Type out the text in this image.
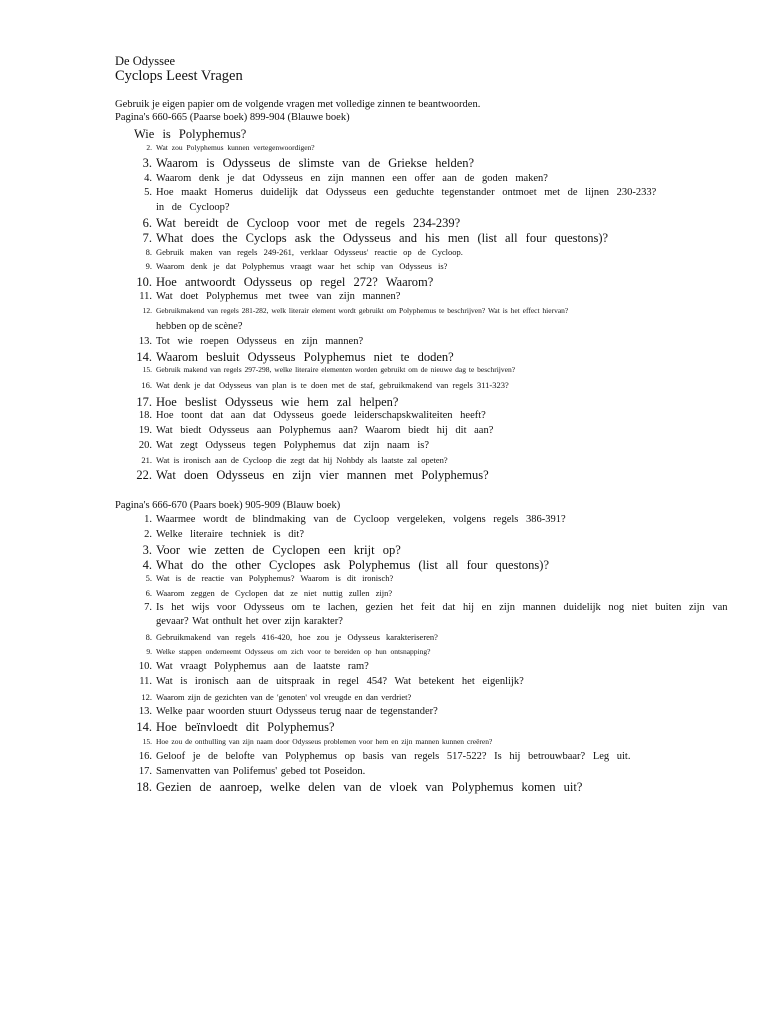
De Odyssee
Cyclops Leest Vragen
Gebruik je eigen papier om de volgende vragen met volledige zinnen te beantwoorden.
Pagina's 660-665 (Paarse boek) 899-904 (Blauwe boek)
Wie is Polyphemus?
2. Wat zou Polyphemus kunnen vertegenwoordigen?
3. Waarom is Odysseus de slimste van de Griekse helden?
4. Waarom denk je dat Odysseus en zijn mannen een offer aan de goden maken?
5. Hoe maakt Homerus duidelijk dat Odysseus een geduchte tegenstander ontmoet met de lijnen 230-233?
in de Cycloop?
6. Wat bereidt de Cycloop voor met de regels 234-239?
7. What does the Cyclops ask the Odysseus and his men (list all four questons)?
8. Gebruik maken van regels 249-261, verklaar Odysseus' reactie op de Cycloop.
9. Waarom denk je dat Polyphemus vraagt waar het schip van Odysseus is?
10. Hoe antwoordt Odysseus op regel 272? Waarom?
11. Wat doet Polyphemus met twee van zijn mannen?
12. Gebruikmakend van regels 281-282, welk literair element wordt gebruikt om Polyphemus te beschrijven? Wat is het effect hiervan?
hebben op de scène?
13. Tot wie roepen Odysseus en zijn mannen?
14. Waarom besluit Odysseus Polyphemus niet te doden?
15. Gebruik makend van regels 297-298, welke literaire elementen worden gebruikt om de nieuwe dag te beschrijven?
16. Wat denk je dat Odysseus van plan is te doen met de staf, gebruikmakend van regels 311-323?
17. Hoe beslist Odysseus wie hem zal helpen?
18. Hoe toont dat aan dat Odysseus goede leiderschapskwaliteiten heeft?
19. Wat biedt Odysseus aan Polyphemus aan? Waarom biedt hij dit aan?
20. Wat zegt Odysseus tegen Polyphemus dat zijn naam is?
21. Wat is ironisch aan de Cycloop die zegt dat hij Nohbdy als laatste zal opeten?
22. Wat doen Odysseus en zijn vier mannen met Polyphemus?
Pagina's 666-670 (Paars boek) 905-909 (Blauw boek)
1. Waarmee wordt de blindmaking van de Cycloop vergeleken, volgens regels 386-391?
2. Welke literaire techniek is dit?
3. Voor wie zetten de Cyclopen een krijt op?
4. What do the other Cyclopes ask Polyphemus (list all four questons)?
5. Wat is de reactie van Polyphemus? Waarom is dit ironisch?
6. Waarom zeggen de Cyclopen dat ze niet nuttig zullen zijn?
7. Is het wijs voor Odysseus om te lachen, gezien het feit dat hij en zijn mannen duidelijk nog niet buiten zijn van
gevaar? Wat onthult het over zijn karakter?
8. Gebruikmakend van regels 416-420, hoe zou je Odysseus karakteriseren?
9. Welke stappen onderneemt Odysseus om zich voor te bereiden op hun ontsnapping?
10. Wat vraagt Polyphemus aan de laatste ram?
11. Wat is ironisch aan de uitspraak in regel 454? Wat betekent het eigenlijk?
12. Waarom zijn de gezichten van de 'genoten' vol vreugde en dan verdriet?
13. Welke paar woorden stuurt Odysseus terug naar de tegenstander?
14. Hoe beïnvloedt dit Polyphemus?
15. Hoe zou de onthulling van zijn naam door Odysseus problemen voor hem en zijn mannen kunnen creëren?
16. Geloof je de belofte van Polyphemus op basis van regels 517-522? Is hij betrouwbaar? Leg uit.
17. Samenvatten van Polifemus' gebed tot Poseidon.
18. Gezien de aanroep, welke delen van de vloek van Polyphemus komen uit?
